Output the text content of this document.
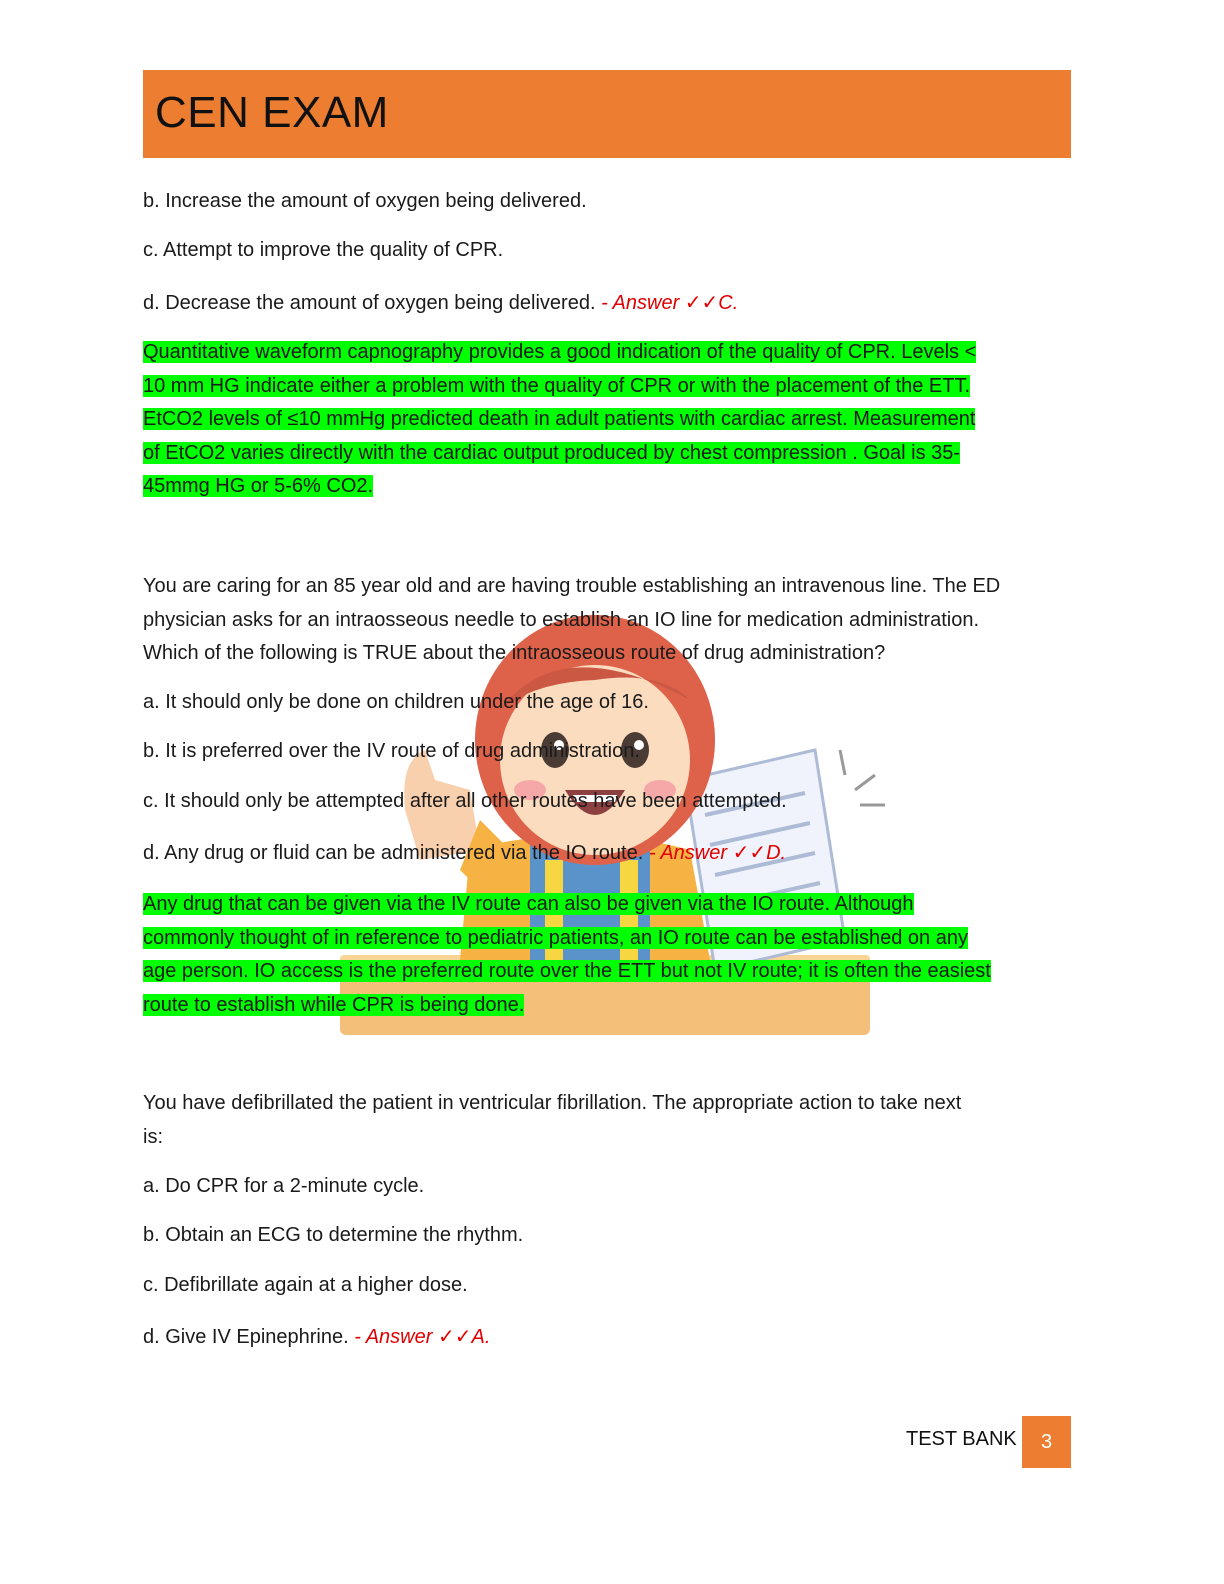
CEN EXAM
b. Increase the amount of oxygen being delivered.
c. Attempt to improve the quality of CPR.
d. Decrease the amount of oxygen being delivered. - Answer ✓✓C.
Quantitative waveform capnography provides a good indication of the quality of CPR. Levels <
10 mm HG indicate either a problem with the quality of CPR or with the placement of the ETT.
EtCO2 levels of ≤10 mmHg predicted death in adult patients with cardiac arrest. Measurement
of EtCO2 varies directly with the cardiac output produced by chest compression . Goal is 35-
45mmg HG or 5-6% CO2.
You are caring for an 85 year old and are having trouble establishing an intravenous line. The ED
physician asks for an intraosseous needle to establish an IO line for medication administration.
Which of the following is TRUE about the intraosseous route of drug administration?
a. It should only be done on children under the age of 16.
b. It is preferred over the IV route of drug administration.
c. It should only be attempted after all other routes have been attempted.
d. Any drug or fluid can be administered via the IO route. - Answer ✓✓D.
Any drug that can be given via the IV route can also be given via the IO route. Although
commonly thought of in reference to pediatric patients, an IO route can be established on any
age person. IO access is the preferred route over the ETT but not IV route; it is often the easiest
route to establish while CPR is being done.
You have defibrillated the patient in ventricular fibrillation. The appropriate action to take next
is:
a. Do CPR for a 2-minute cycle.
b. Obtain an ECG to determine the rhythm.
c. Defibrillate again at a higher dose.
d. Give IV Epinephrine. - Answer ✓✓A.
TEST BANK	3
